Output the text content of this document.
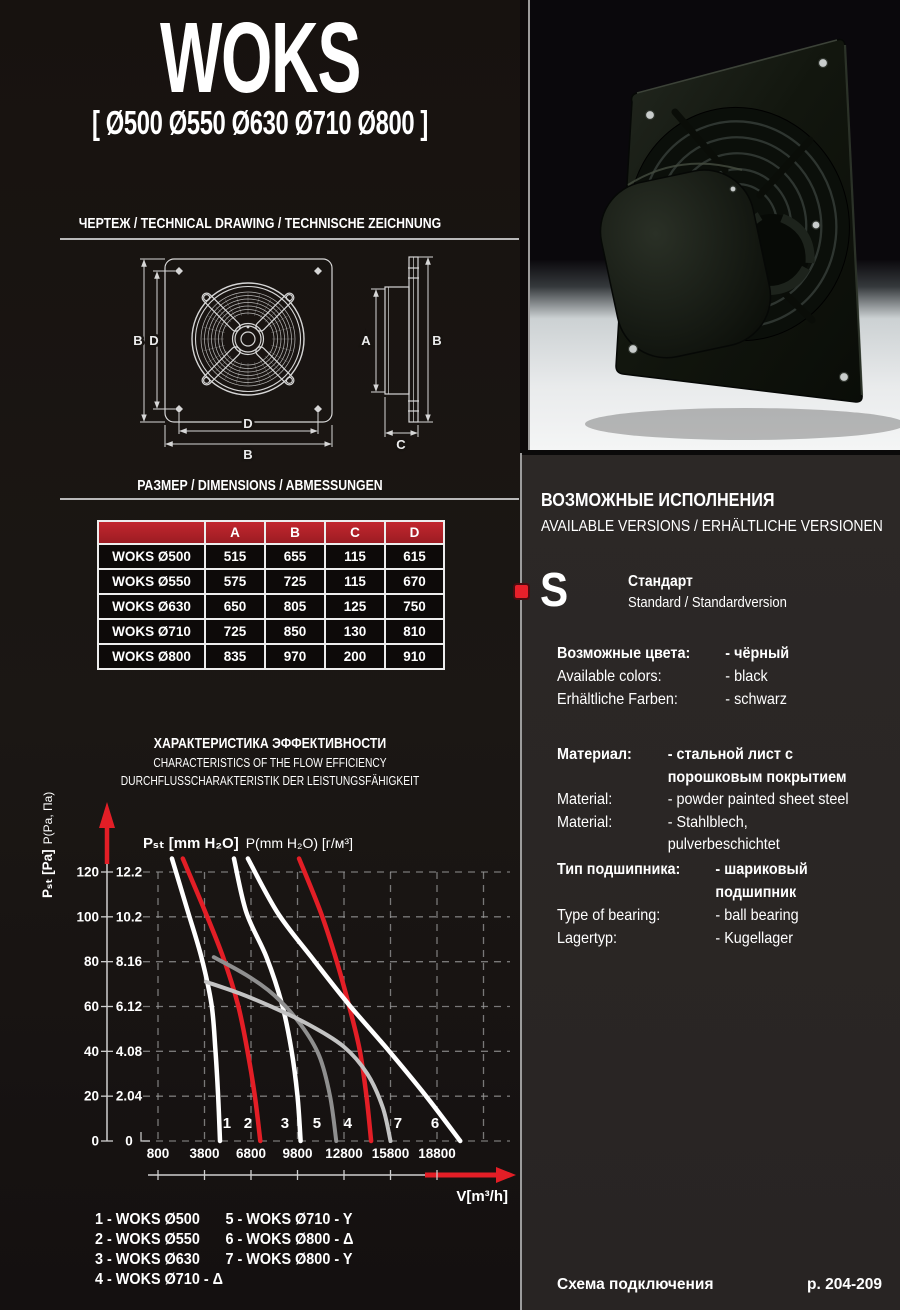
WOKS
[ Ø500 Ø550 Ø630 Ø710 Ø800 ]
ЧЕРТЕЖ / TECHNICAL DRAWING / TECHNISCHE ZEICHNUNG
B D
D
B
A	B
C
РАЗМЕР / DIMENSIONS / ABMESSUNGEN
	A	B	C	D
WOKS Ø500	515	655	115	615
WOKS Ø550	575	725	115	670
WOKS Ø630	650	805	125	750
WOKS Ø710	725	850	130	810
WOKS Ø800	835	970	200	910
ХАРАКТЕРИСТИКА ЭФФЕКТИВНОСТИ
CHARACTERISTICS OF THE FLOW EFFICIENCY
DURCHFLUSSCHARAKTERISTIK DER LEISTUNGSFÄHIGKEIT
120 12.2
100 10.2
80 8.16
60 6.12
40 4.08
20 2.04
0 0
800 3800 6800 9800 12800 15800 18800
Pₛₜ [mm H₂O] P(mm H₂O) [г/м³]
Pₛₜ [Pa]P(Pa, Па)
V[m³/h]
1 2 3	4
5	6
7
1 - WOKS Ø500
2 - WOKS Ø550
3 - WOKS Ø630
4 - WOKS Ø710 - Δ
5 - WOKS Ø710 - Y
6 - WOKS Ø800 - Δ
7 - WOKS Ø800 - Y
ВОЗМОЖНЫЕ ИСПОЛНЕНИЯ
AVAILABLE VERSIONS / ERHÄLTLICHE VERSIONEN
S	Стандарт
Standard / Standardversion
Возможные цвета:	- чёрный
Available colors:	- black
Erhältliche Farben:	- schwarz
Материал:	- стальной лист с порошковым покрытием
Material:	- powder painted sheet steel
Material:	- Stahlblech, pulverbeschichtet
Тип подшипника:	- шариковый подшипник
Type of bearing:	- ball bearing
Lagertyp:	- Kugellager
Схема подключения	p. 204-209
